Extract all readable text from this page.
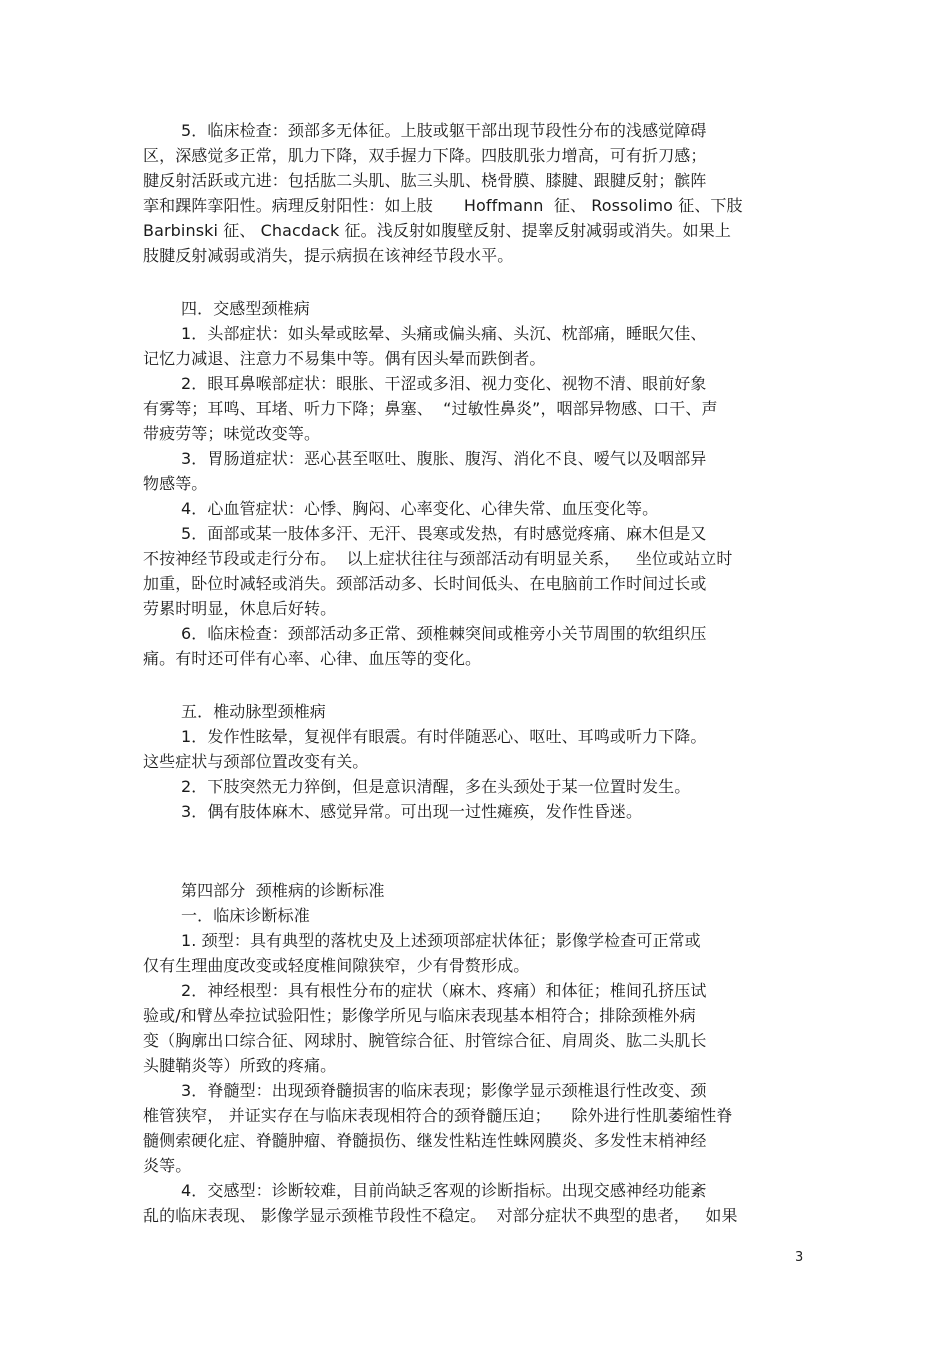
5．临床检查：颈部多无体征。上肢或躯干部出现节段性分布的浅感觉障碍
区，深感觉多正常，肌力下降，双手握力下降。四肢肌张力增高，可有折刀感；
腱反射活跃或亢进：包括肱二头肌、肱三头肌、桡骨膜、膝腱、跟腱反射；髌阵
挛和踝阵挛阳性。病理反射阳性：如上肢      Hoffmann  征、 Rossolimo 征、下肢
Barbinski 征、 Chacdack 征。浅反射如腹壁反射、提睾反射减弱或消失。如果上
肢腱反射减弱或消失，提示病损在该神经节段水平。
四．交感型颈椎病
1．头部症状：如头晕或眩晕、头痛或偏头痛、头沉、枕部痛，睡眠欠佳、
记忆力减退、注意力不易集中等。偶有因头晕而跌倒者。
2．眼耳鼻喉部症状：眼胀、干涩或多泪、视力变化、视物不清、眼前好象
有雾等；耳鸣、耳堵、听力下降；鼻塞、  “过敏性鼻炎”，咽部异物感、口干、声
带疲劳等；味觉改变等。
3．胃肠道症状：恶心甚至呕吐、腹胀、腹泻、消化不良、嗳气以及咽部异
物感等。
4．心血管症状：心悸、胸闷、心率变化、心律失常、血压变化等。
5．面部或某一肢体多汗、无汗、畏寒或发热，有时感觉疼痛、麻木但是又
不按神经节段或走行分布。  以上症状往往与颈部活动有明显关系，   坐位或站立时
加重，卧位时减轻或消失。颈部活动多、长时间低头、在电脑前工作时间过长或
劳累时明显，休息后好转。
6．临床检查：颈部活动多正常、颈椎棘突间或椎旁小关节周围的软组织压
痛。有时还可伴有心率、心律、血压等的变化。
五．椎动脉型颈椎病
1．发作性眩晕，复视伴有眼震。有时伴随恶心、呕吐、耳鸣或听力下降。
这些症状与颈部位置改变有关。
2．下肢突然无力猝倒，但是意识清醒，多在头颈处于某一位置时发生。
3．偶有肢体麻木、感觉异常。可出现一过性瘫痪，发作性昏迷。
第四部分  颈椎病的诊断标准
一．临床诊断标准
1. 颈型：具有典型的落枕史及上述颈项部症状体征；影像学检查可正常或
仅有生理曲度改变或轻度椎间隙狭窄，少有骨赘形成。
2．神经根型：具有根性分布的症状（麻木、疼痛）和体征；椎间孔挤压试
验或/和臂丛牵拉试验阳性；影像学所见与临床表现基本相符合；排除颈椎外病
变（胸廓出口综合征、网球肘、腕管综合征、肘管综合征、肩周炎、肱二头肌长
头腱鞘炎等）所致的疼痛。
3．脊髓型：出现颈脊髓损害的临床表现；影像学显示颈椎退行性改变、颈
椎管狭窄， 并证实存在与临床表现相符合的颈脊髓压迫；    除外进行性肌萎缩性脊
髓侧索硬化症、脊髓肿瘤、脊髓损伤、继发性粘连性蛛网膜炎、多发性末梢神经
炎等。
4．交感型：诊断较难，目前尚缺乏客观的诊断指标。出现交感神经功能紊
乱的临床表现、 影像学显示颈椎节段性不稳定。  对部分症状不典型的患者，   如果
3
